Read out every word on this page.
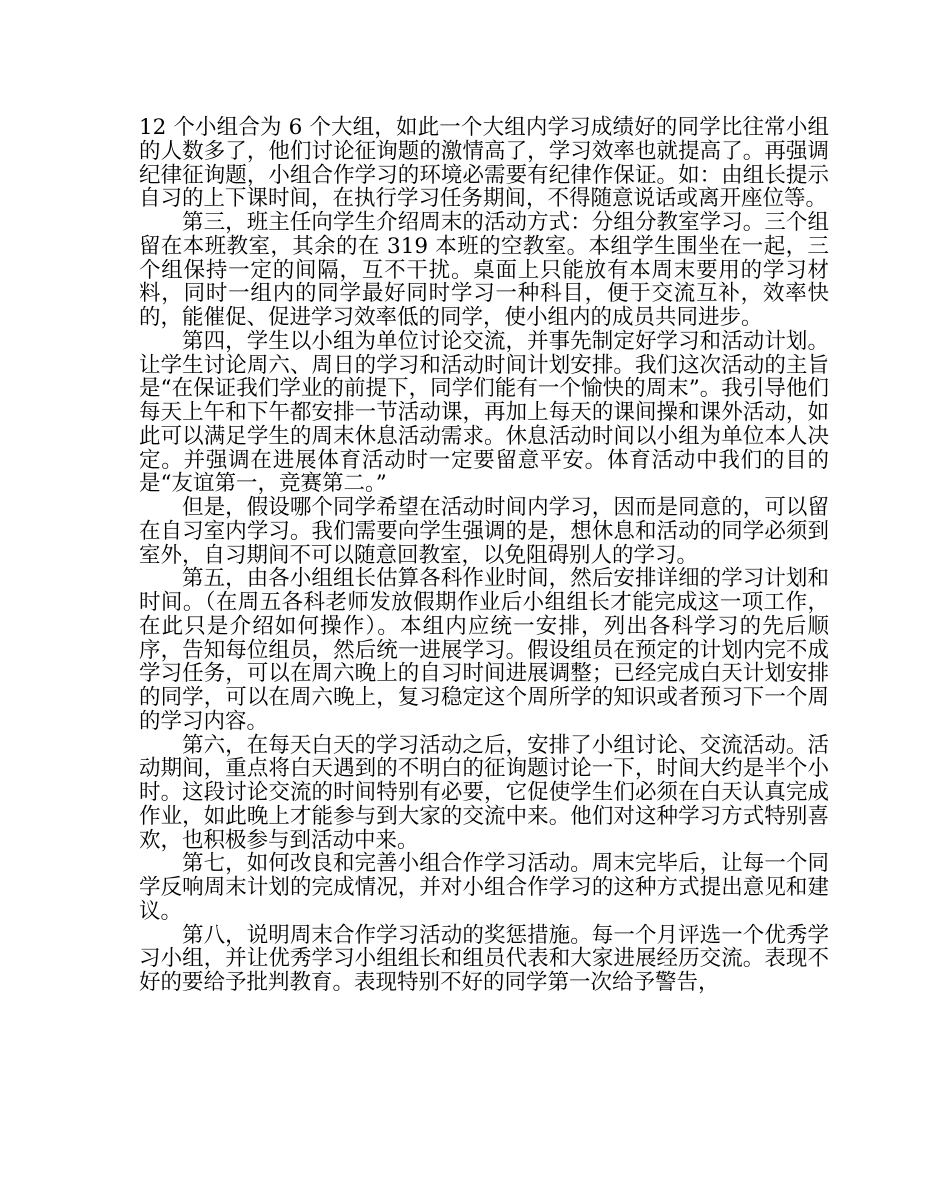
12 个小组合为 6 个大组，如此一个大组内学习成绩好的同学比往常小组的人数多了，他们讨论征询题的激情高了，学习效率也就提高了。再强调纪律征询题，小组合作学习的环境必需要有纪律作保证。如：由组长提示自习的上下课时间，在执行学习任务期间，不得随意说话或离开座位等。

第三，班主任向学生介绍周末的活动方式：分组分教室学习。三个组留在本班教室，其余的在 319 本班的空教室。本组学生围坐在一起，三个组保持一定的间隔，互不干扰。桌面上只能放有本周末要用的学习材料，同时一组内的同学最好同时学习一种科目，便于交流互补，效率快的，能催促、促进学习效率低的同学，使小组内的成员共同进步。

第四，学生以小组为单位讨论交流，并事先制定好学习和活动计划。让学生讨论周六、周日的学习和活动时间计划安排。我们这次活动的主旨是“在保证我们学业的前提下，同学们能有一个愉快的周末”。我引导他们每天上午和下午都安排一节活动课，再加上每天的课间操和课外活动，如此可以满足学生的周末休息活动需求。休息活动时间以小组为单位本人决定。并强调在进展体育活动时一定要留意平安。体育活动中我们的目的是“友谊第一，竞赛第二。”

但是，假设哪个同学希望在活动时间内学习，因而是同意的，可以留在自习室内学习。我们需要向学生强调的是，想休息和活动的同学必须到室外，自习期间不可以随意回教室，以免阻碍别人的学习。

第五，由各小组组长估算各科作业时间，然后安排详细的学习计划和时间。（在周五各科老师发放假期作业后小组组长才能完成这一项工作，在此只是介绍如何操作）。本组内应统一安排，列出各科学习的先后顺序，告知每位组员，然后统一进展学习。假设组员在预定的计划内完不成学习任务，可以在周六晚上的自习时间进展调整；已经完成白天计划安排的同学，可以在周六晚上，复习稳定这个周所学的知识或者预习下一个周的学习内容。

第六，在每天白天的学习活动之后，安排了小组讨论、交流活动。活动期间，重点将白天遇到的不明白的征询题讨论一下，时间大约是半个小时。这段讨论交流的时间特别有必要，它促使学生们必须在白天认真完成作业，如此晚上才能参与到大家的交流中来。他们对这种学习方式特别喜欢，也积极参与到活动中来。

第七，如何改良和完善小组合作学习活动。周末完毕后，让每一个同学反响周末计划的完成情况，并对小组合作学习的这种方式提出意见和建议。

第八，说明周末合作学习活动的奖惩措施。每一个月评选一个优秀学习小组，并让优秀学习小组组长和组员代表和大家进展经历交流。表现不好的要给予批判教育。表现特别不好的同学第一次给予警告，
